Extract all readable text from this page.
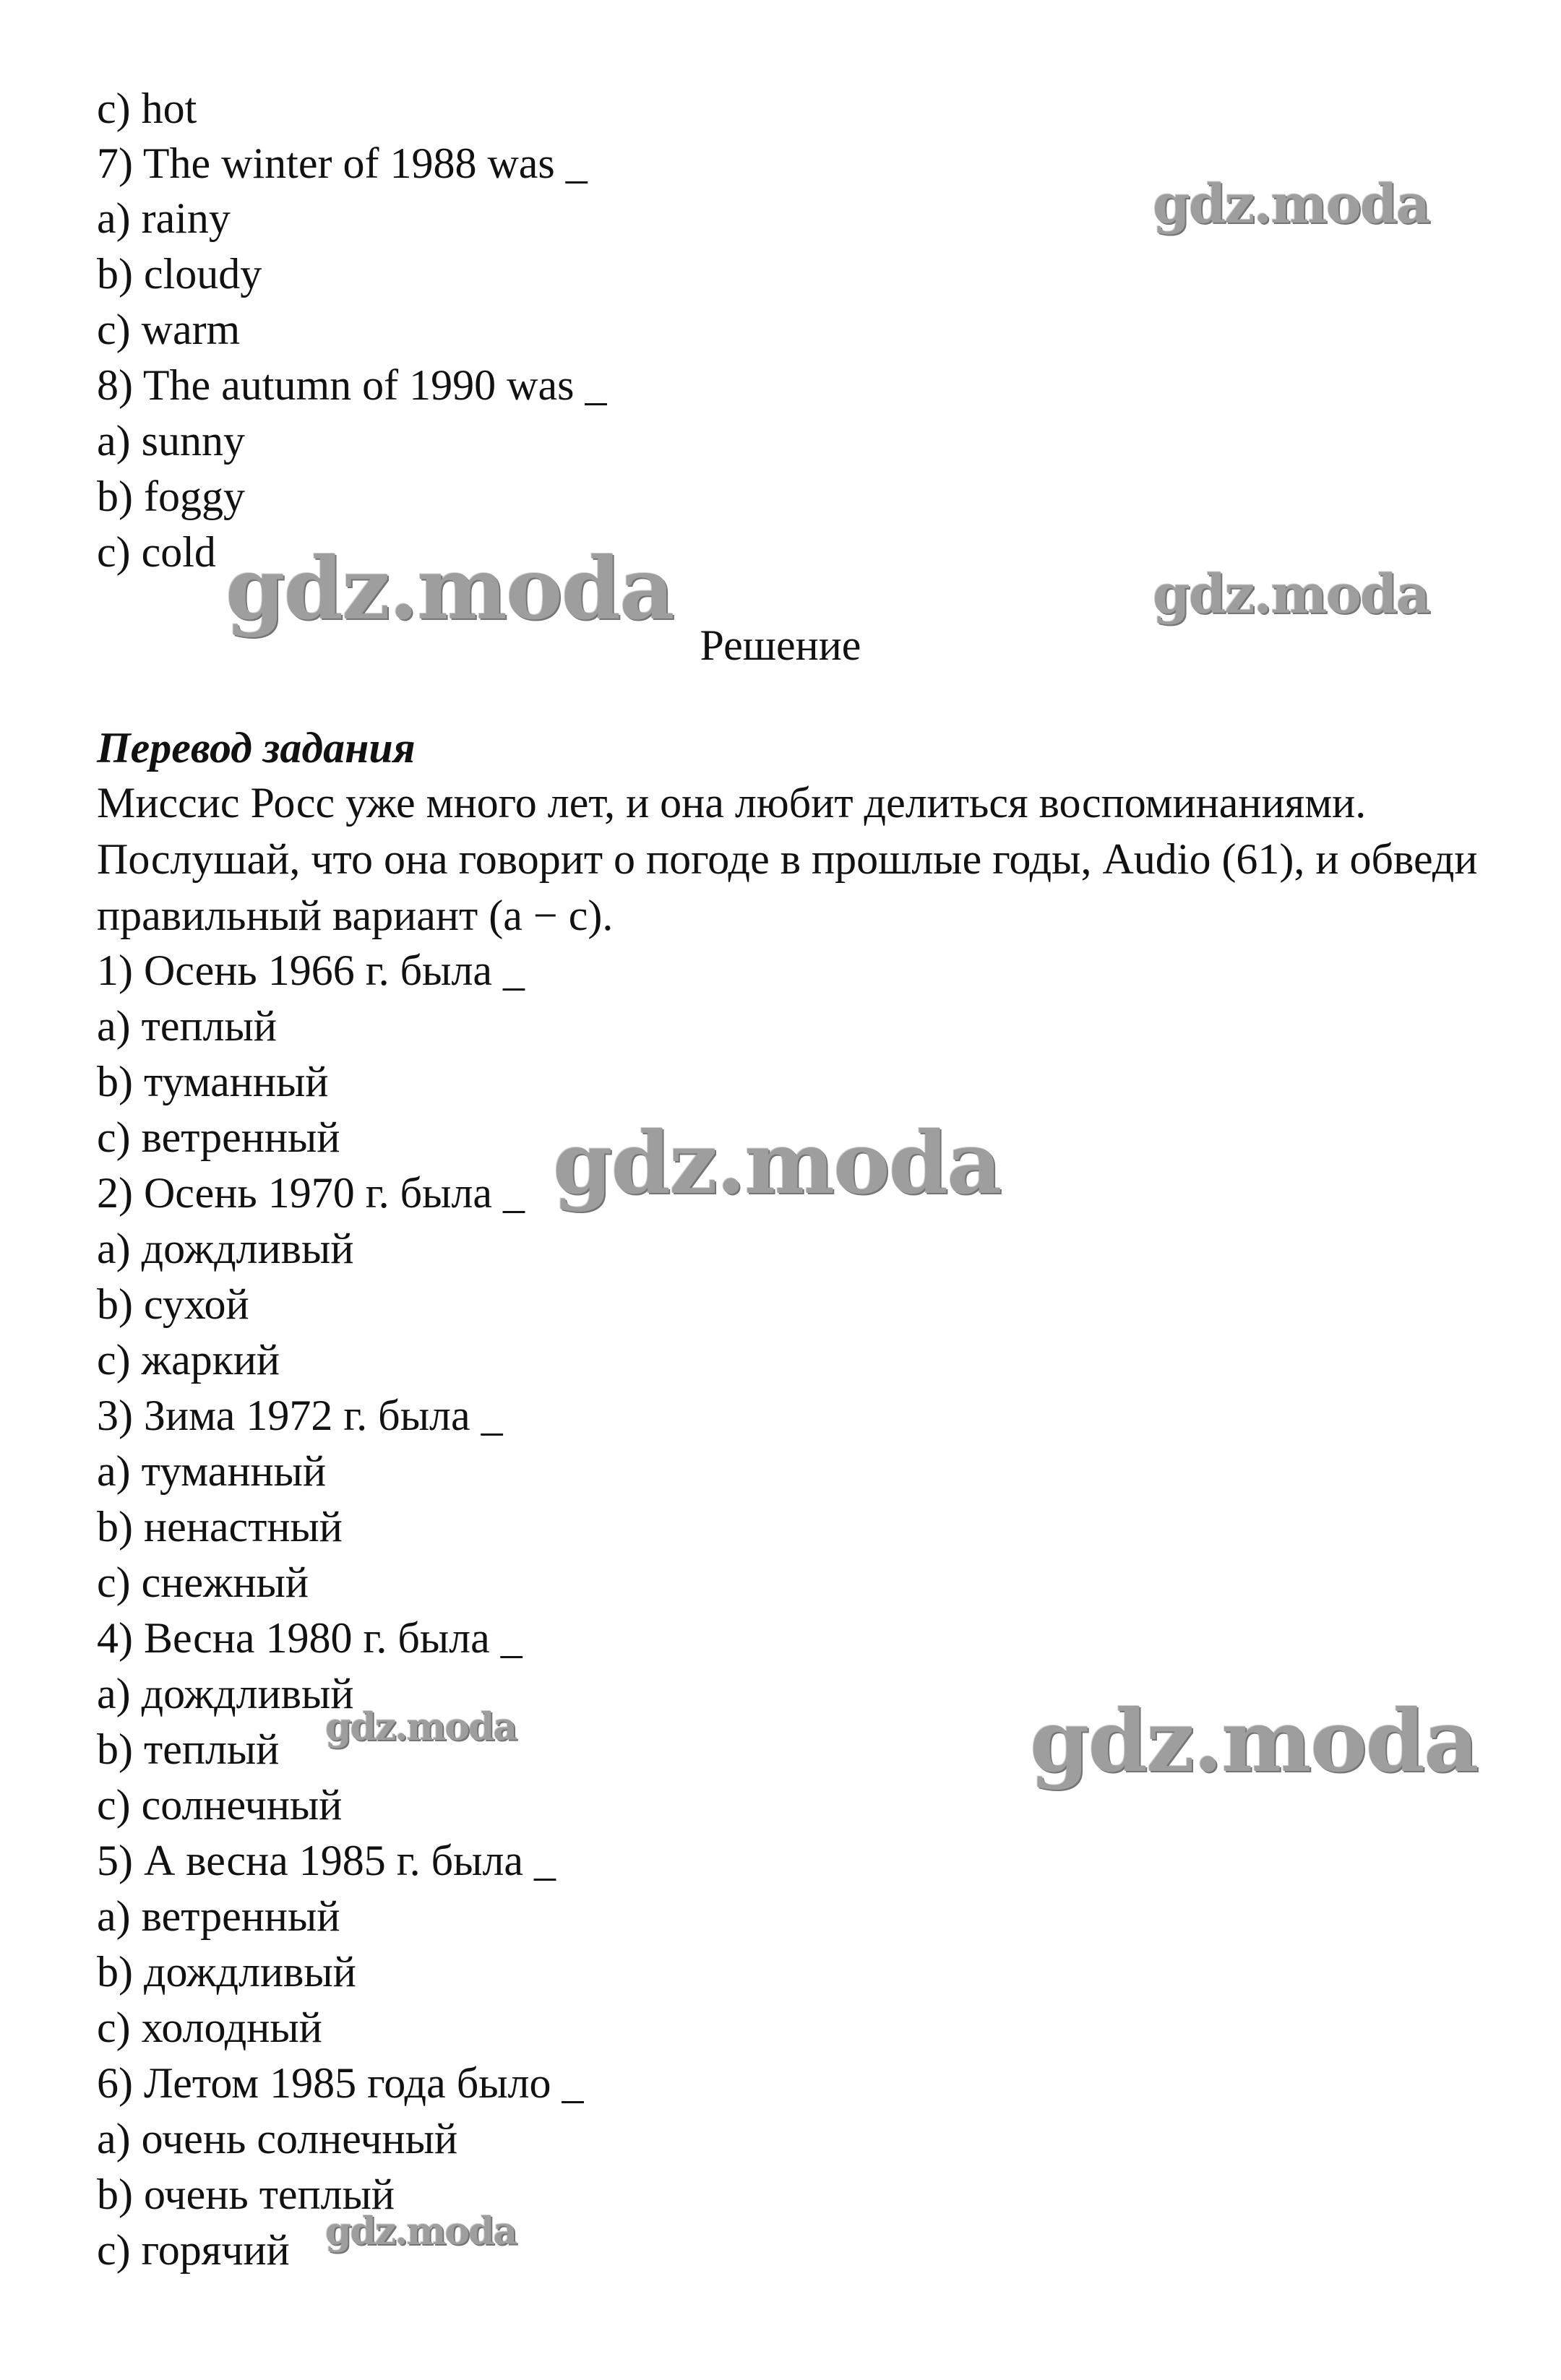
c) hot
7) The winter of 1988 was _
a) rainy
b) cloudy
c) warm
8) The autumn of 1990 was _
a) sunny
b) foggy
c) cold
Решение
Перевод задания
Миссис Росс уже много лет, и она любит делиться воспоминаниями. Послушай, что она говорит о погоде в прошлые годы, Audio (61), и обведи правильный вариант (a − c).
1) Осень 1966 г. была _
a) теплый
b) туманный
c) ветренный
2) Осень 1970 г. была _
a) дождливый
b) сухой
c) жаркий
3) Зима 1972 г. была _
a) туманный
b) ненастный
c) снежный
4) Весна 1980 г. была _
a) дождливый
b) теплый
c) солнечный
5) А весна 1985 г. была _
a) ветренный
b) дождливый
c) холодный
6) Летом 1985 года было _
a) очень солнечный
b) очень теплый
c) горячий
gdz.moda
gdz.moda	gdz.moda
gdz.moda
gdz.moda	gdz.moda
gdz.moda
